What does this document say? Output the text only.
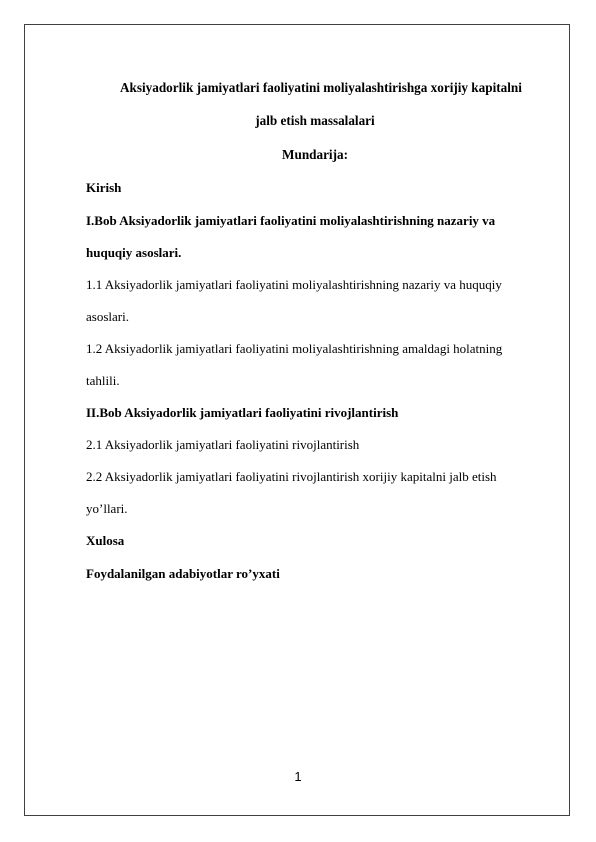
Aksiyadorlik jamiyatlari faoliyatini moliyalashtirishga xorijiy kapitalni
jalb etish massalalari
Mundarija:
Kirish
I.Bob Aksiyadorlik jamiyatlari faoliyatini moliyalashtirishning nazariy va
huquqiy asoslari.
1.1 Aksiyadorlik jamiyatlari faoliyatini moliyalashtirishning nazariy va huquqiy
asoslari.
1.2 Aksiyadorlik jamiyatlari faoliyatini moliyalashtirishning amaldagi holatning
tahlili.
II.Bob Aksiyadorlik jamiyatlari faoliyatini rivojlantirish
2.1 Aksiyadorlik jamiyatlari faoliyatini rivojlantirish
2.2 Aksiyadorlik jamiyatlari faoliyatini rivojlantirish xorijiy kapitalni jalb etish
yo’llari.
Xulosa
Foydalanilgan adabiyotlar ro’yxati
1
